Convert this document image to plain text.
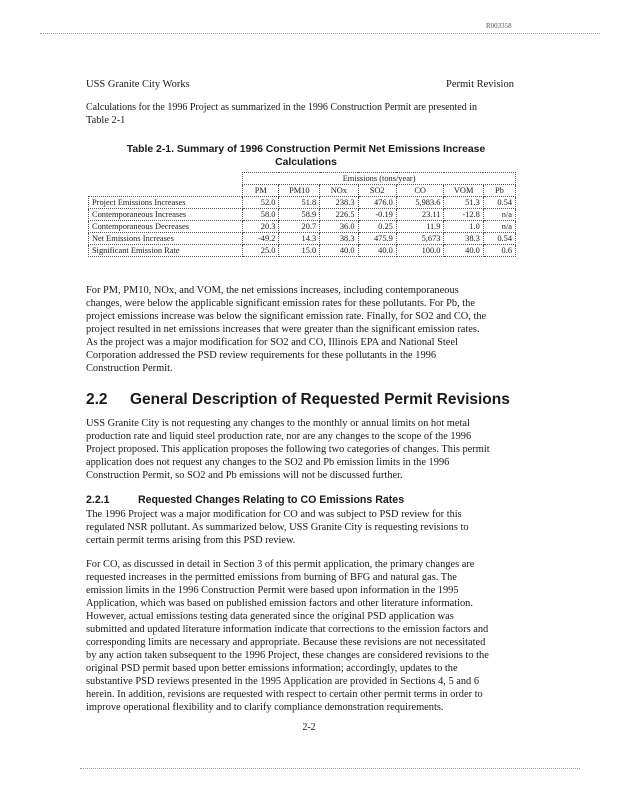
R003358
USS Granite City Works	Permit Revision
Calculations for the 1996 Project as summarized in the 1996 Construction Permit are presented in
Table 2-1
Table 2-1. Summary of 1996 Construction Permit Net Emissions Increase
Calculations
	Emissions (tons/year)						
	PM	PM10	NOx	SO2	CO	VOM	Pb
Project Emissions Increases	52.0	51.8	238.3	476.0	5,983.6	51.3	0.54
Contemporaneous Increases	58.0	58.9	226.5	-0.19	23.11	-12.8	n/a
Contemporaneous Decreases	20.3	20.7	36.0	0.25	11.9	1.0	n/a
Net Emissions Increases	-49.2	14.3	38.3	475.9	5,673	38.3	0.54
Significant Emission Rate	25.0	15.0	40.0	40.0	100.0	40.0	0.6
For PM, PM10, NOx, and VOM, the net emissions increases, including contemporaneous
changes, were below the applicable significant emission rates for these pollutants. For Pb, the
project emissions increase was below the significant emission rate. Finally, for SO2 and CO, the
project resulted in net emissions increases that were greater than the significant emission rates.
As the project was a major modification for SO2 and CO, Illinois EPA and National Steel
Corporation addressed the PSD review requirements for these pollutants in the 1996
Construction Permit.
2.2 General Description of Requested Permit Revisions
USS Granite City is not requesting any changes to the monthly or annual limits on hot metal
production rate and liquid steel production rate, nor are any changes to the scope of the 1996
Project proposed. This application proposes the following two categories of changes. This permit
application does not request any changes to the SO2 and Pb emission limits in the 1996
Construction Permit, so SO2 and Pb emissions will not be discussed further.
2.2.1	Requested Changes Relating to CO Emissions Rates
The 1996 Project was a major modification for CO and was subject to PSD review for this
regulated NSR pollutant. As summarized below, USS Granite City is requesting revisions to
certain permit terms arising from this PSD review.
For CO, as discussed in detail in Section 3 of this permit application, the primary changes are
requested increases in the permitted emissions from burning of BFG and natural gas. The
emission limits in the 1996 Construction Permit were based upon information in the 1995
Application, which was based on published emission factors and other literature information.
However, actual emissions testing data generated since the original PSD application was
submitted and updated literature information indicate that corrections to the emission factors and
corresponding limits are necessary and appropriate. Because these revisions are not necessitated
by any action taken subsequent to the 1996 Project, these changes are considered revisions to the
original PSD permit based upon better emissions information; accordingly, updates to the
substantive PSD reviews presented in the 1995 Application are provided in Sections 4, 5 and 6
herein. In addition, revisions are requested with respect to certain other permit terms in order to
improve operational flexibility and to clarify compliance demonstration requirements.
2-2
